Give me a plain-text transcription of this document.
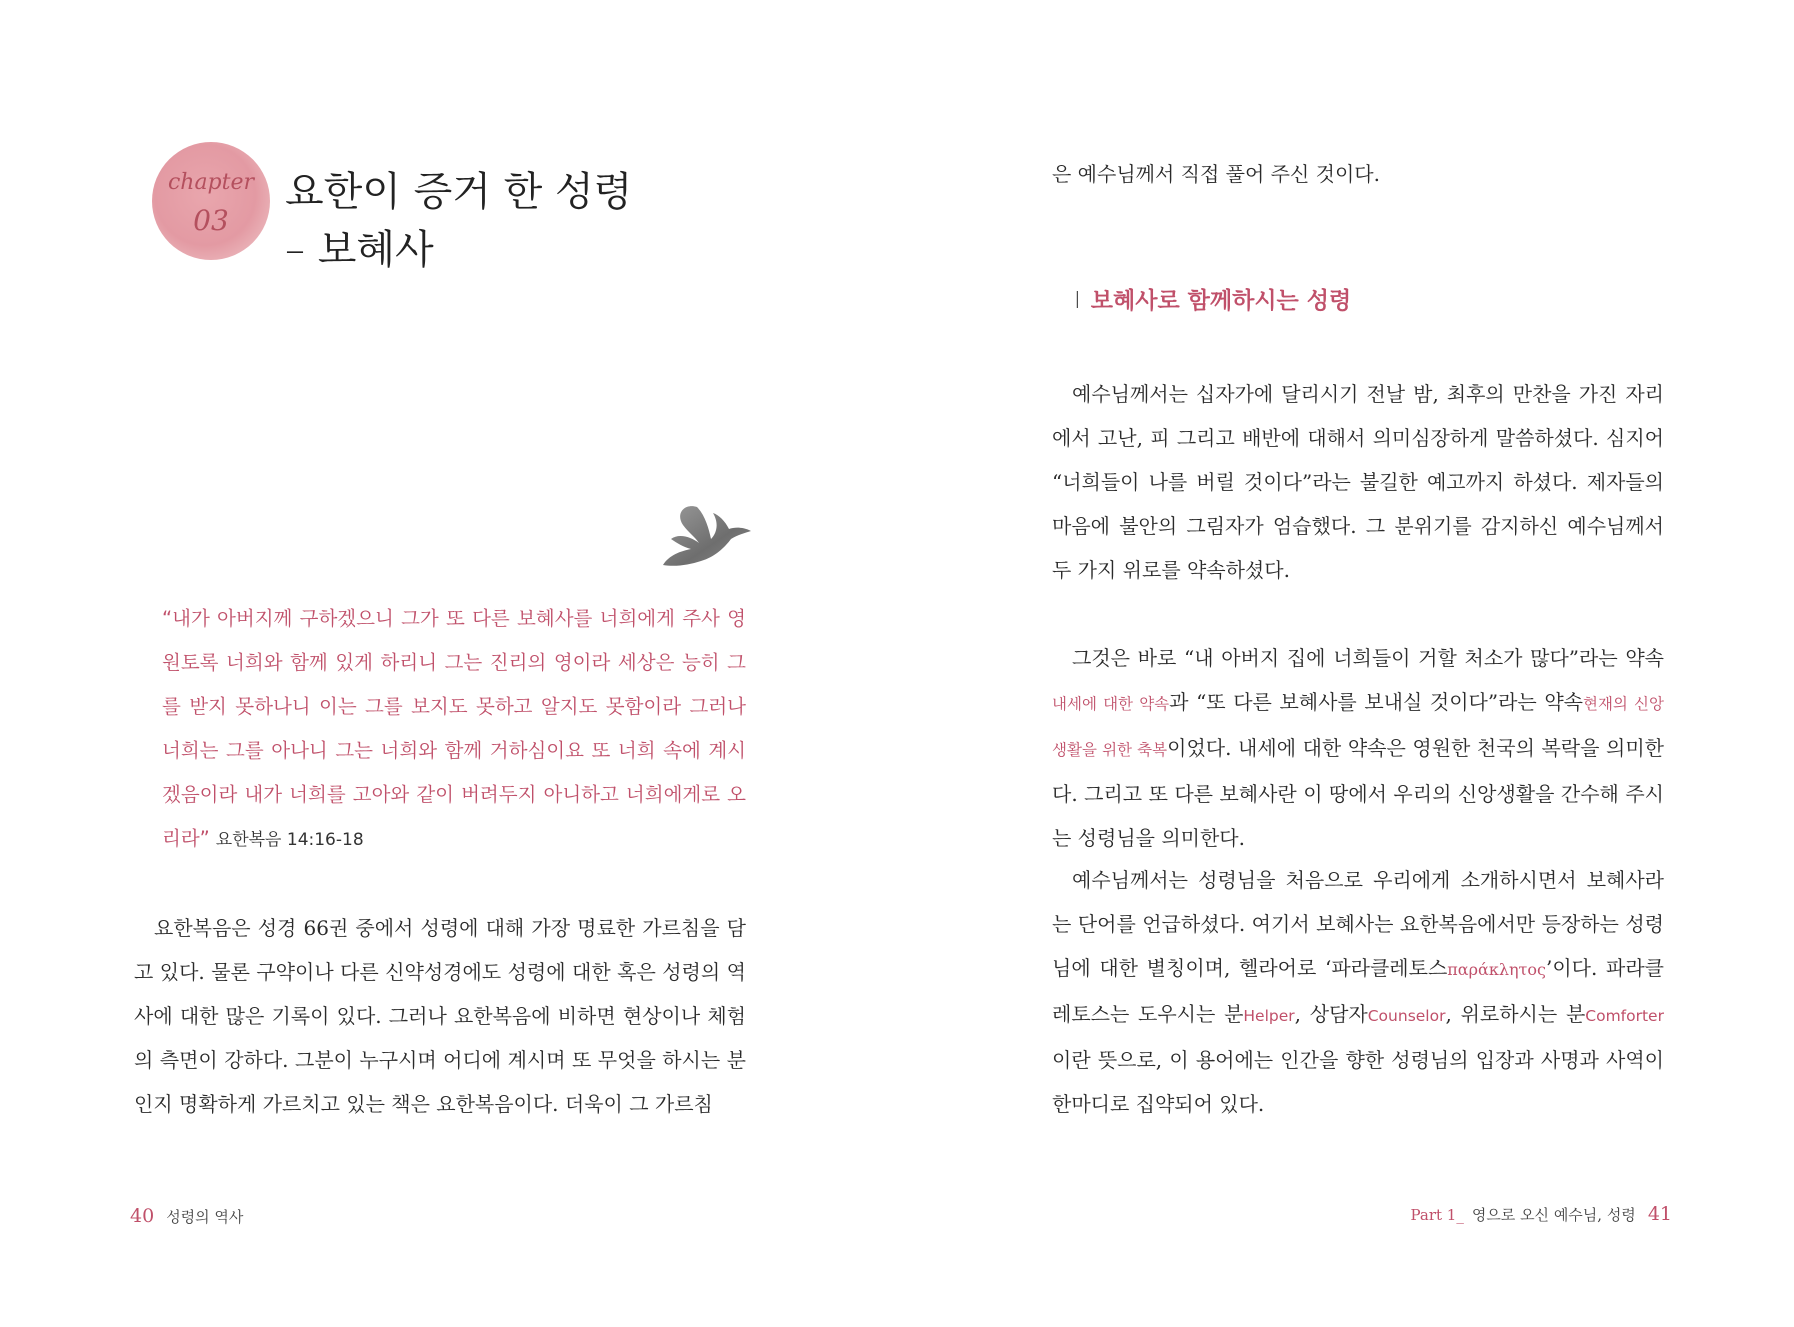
chapter
03
요한이 증거 한 성령
– 보혜사
“내가 아버지께 구하겠으니 그가 또 다른 보혜사를 너희에게 주사 영원토록 너희와 함께 있게 하리니 그는 진리의 영이라 세상은 능히 그를 받지 못하나니 이는 그를 보지도 못하고 알지도 못함이라 그러나 너희는 그를 아나니 그는 너희와 함께 거하심이요 또 너희 속에 계시겠음이라 내가 너희를 고아와 같이 버려두지 아니하고 너희에게로 오리라” 요한복음 14:16-18

요한복음은 성경 66권 중에서 성령에 대해 가장 명료한 가르침을 담고 있다. 물론 구약이나 다른 신약성경에도 성령에 대한 혹은 성령의 역사에 대한 많은 기록이 있다. 그러나 요한복음에 비하면 현상이나 체험의 측면이 강하다. 그분이 누구시며 어디에 계시며 또 무엇을 하시는 분인지 명확하게 가르치고 있는 책은 요한복음이다. 더욱이 그 가르침

40 성령의 역사

은 예수님께서 직접 풀어 주신 것이다.

I 보혜사로 함께하시는 성령

예수님께서는 십자가에 달리시기 전날 밤, 최후의 만찬을 가진 자리에서 고난, 피 그리고 배반에 대해서 의미심장하게 말씀하셨다. 심지어 “너희들이 나를 버릴 것이다”라는 불길한 예고까지 하셨다. 제자들의 마음에 불안의 그림자가 엄습했다. 그 분위기를 감지하신 예수님께서 두 가지 위로를 약속하셨다.

그것은 바로 “내 아버지 집에 너희들이 거할 처소가 많다”라는 약속내세에 대한 약속과 “또 다른 보혜사를 보내실 것이다”라는 약속현재의 신앙생활을 위한 축복이었다. 내세에 대한 약속은 영원한 천국의 복락을 의미한다. 그리고 또 다른 보혜사란 이 땅에서 우리의 신앙생활을 간수해 주시는 성령님을 의미한다.

예수님께서는 성령님을 처음으로 우리에게 소개하시면서 보혜사라는 단어를 언급하셨다. 여기서 보혜사는 요한복음에서만 등장하는 성령님에 대한 별칭이며, 헬라어로 ‘파라클레토스παράκλητος’이다. 파라클레토스는 도우시는 분Helper, 상담자Counselor, 위로하시는 분Comforter이란 뜻으로, 이 용어에는 인간을 향한 성령님의 입장과 사명과 사역이 한마디로 집약되어 있다.

Part 1_ 영으로 오신 예수님, 성령 41
